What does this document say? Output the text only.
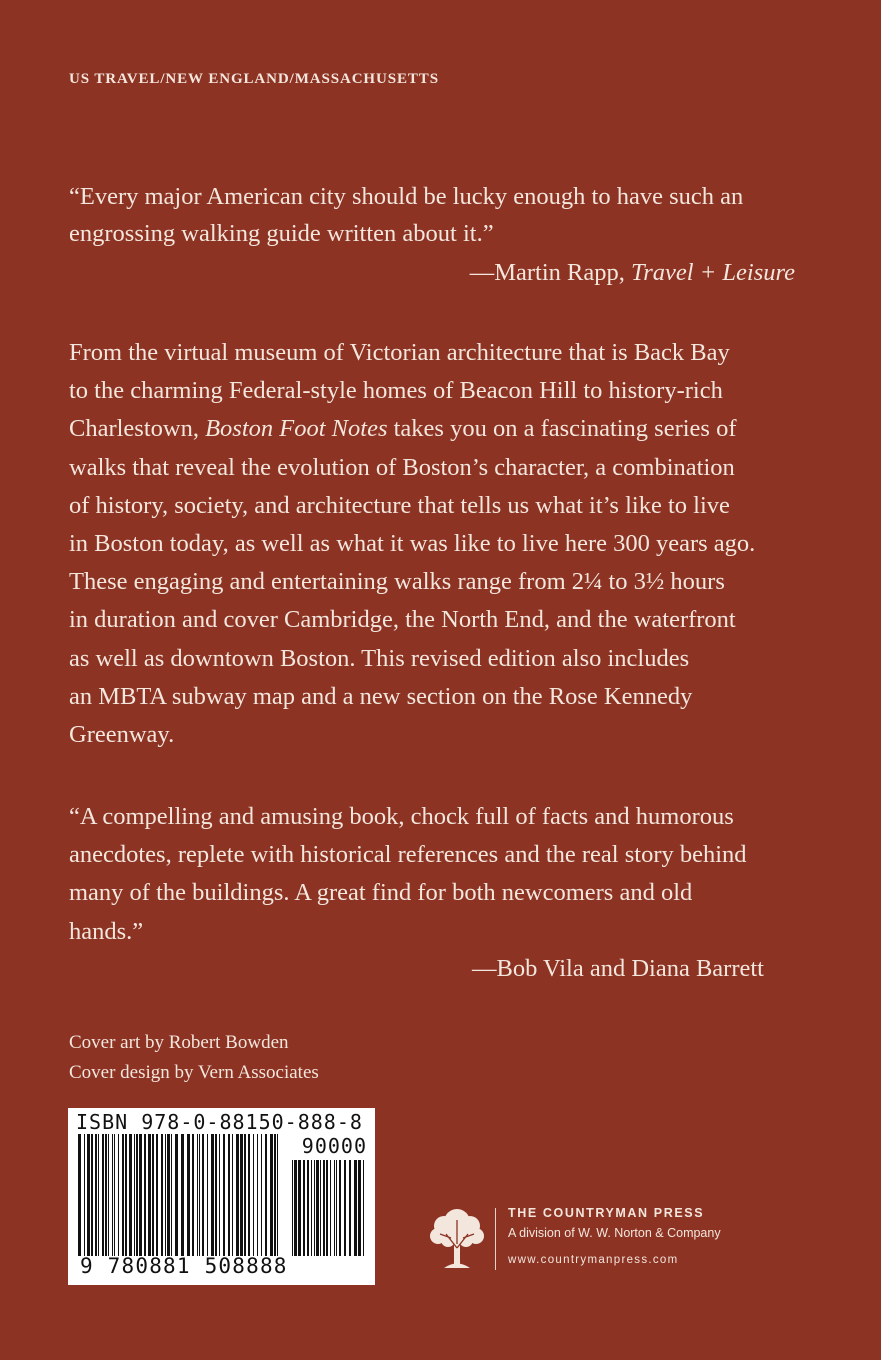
US TRAVEL/NEW ENGLAND/MASSACHUSETTS
“Every major American city should be lucky enough to have such an
engrossing walking guide written about it.”
—Martin Rapp, Travel + Leisure
From the virtual museum of Victorian architecture that is Back Bay
to the charming Federal-style homes of Beacon Hill to history-rich
Charlestown, Boston Foot Notes takes you on a fascinating series of
walks that reveal the evolution of Boston’s character, a combination
of history, society, and architecture that tells us what it’s like to live
in Boston today, as well as what it was like to live here 300 years ago.
These engaging and entertaining walks range from 2¼ to 3½ hours
in duration and cover Cambridge, the North End, and the waterfront
as well as downtown Boston. This revised edition also includes
an MBTA subway map and a new section on the Rose Kennedy
Greenway.
“A compelling and amusing book, chock full of facts and humorous
anecdotes, replete with historical references and the real story behind
many of the buildings. A great find for both newcomers and old
hands.”
—Bob Vila and Diana Barrett
Cover art by Robert Bowden
Cover design by Vern Associates
ISBN 978-0-88150-888-8
90000
9 780881 508888
THE COUNTRYMAN PRESS
A division of W. W. Norton & Company
www.countrymanpress.com
